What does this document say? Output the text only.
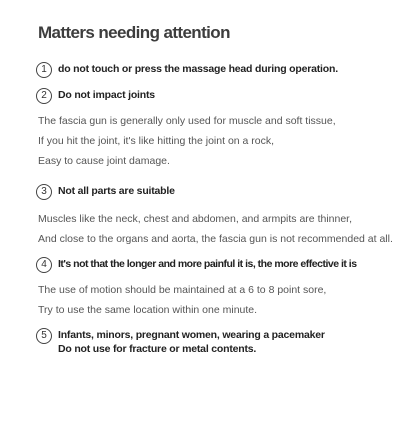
Matters needing attention
1	do not touch or press the massage head during operation.
2	Do not impact joints
The fascia gun is generally only used for muscle and soft tissue,
If you hit the joint, it's like hitting the joint on a rock,
Easy to cause joint damage.
3	Not all parts are suitable
Muscles like the neck, chest and abdomen, and armpits are thinner,
And close to the organs and aorta, the fascia gun is not recommended at all.
4	It's not that the longer and more painful it is, the more effective it is
The use of motion should be maintained at a 6 to 8 point sore,
Try to use the same location within one minute.
5	Infants, minors, pregnant women, wearing a pacemaker
Do not use for fracture or metal contents.
